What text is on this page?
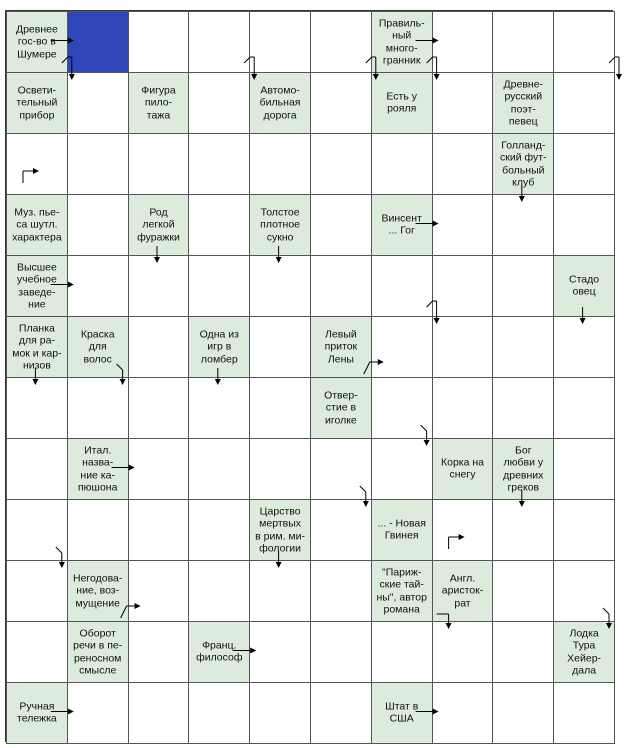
Древнее
гос-во в
Шумере
Правиль-
ный
много-
гранник
Освети-
тельный
прибор
Фигура
пило-
тажа
Автомо-
бильная
дорога
Есть у
рояля
Древне-
русский
поэт-
певец
Голланд-
ский фут-
больный
клуб
Муз. пье-
са шутл.
характера
Род
легкой
фуражки
Толстое
плотное
сукно
Винсент
... Гог
Высшее
учебное
заведе-
ние
Стадо
овец
Планка
для ра-
мок и кар-
низов
Краска
для
волос
Одна из
игр в
ломбер
Левый
приток
Лены
Отвер-
стие в
иголке
Итал.
назва-
ние ка-
пюшона
Корка на
снегу
Бог
любви у
древних
греков
Царство
мертвых
в рим. ми-
фологии
... - Новая
Гвинея
Негодова-
ние, воз-
мущение
"Париж-
ские тай-
ны", автор
романа
Англ.
аристок-
рат
Оборот
речи в пе-
реносном
смысле
Франц.
философ
Лодка
Тура
Хейер-
дала
Ручная
тележка
Штат в
США
